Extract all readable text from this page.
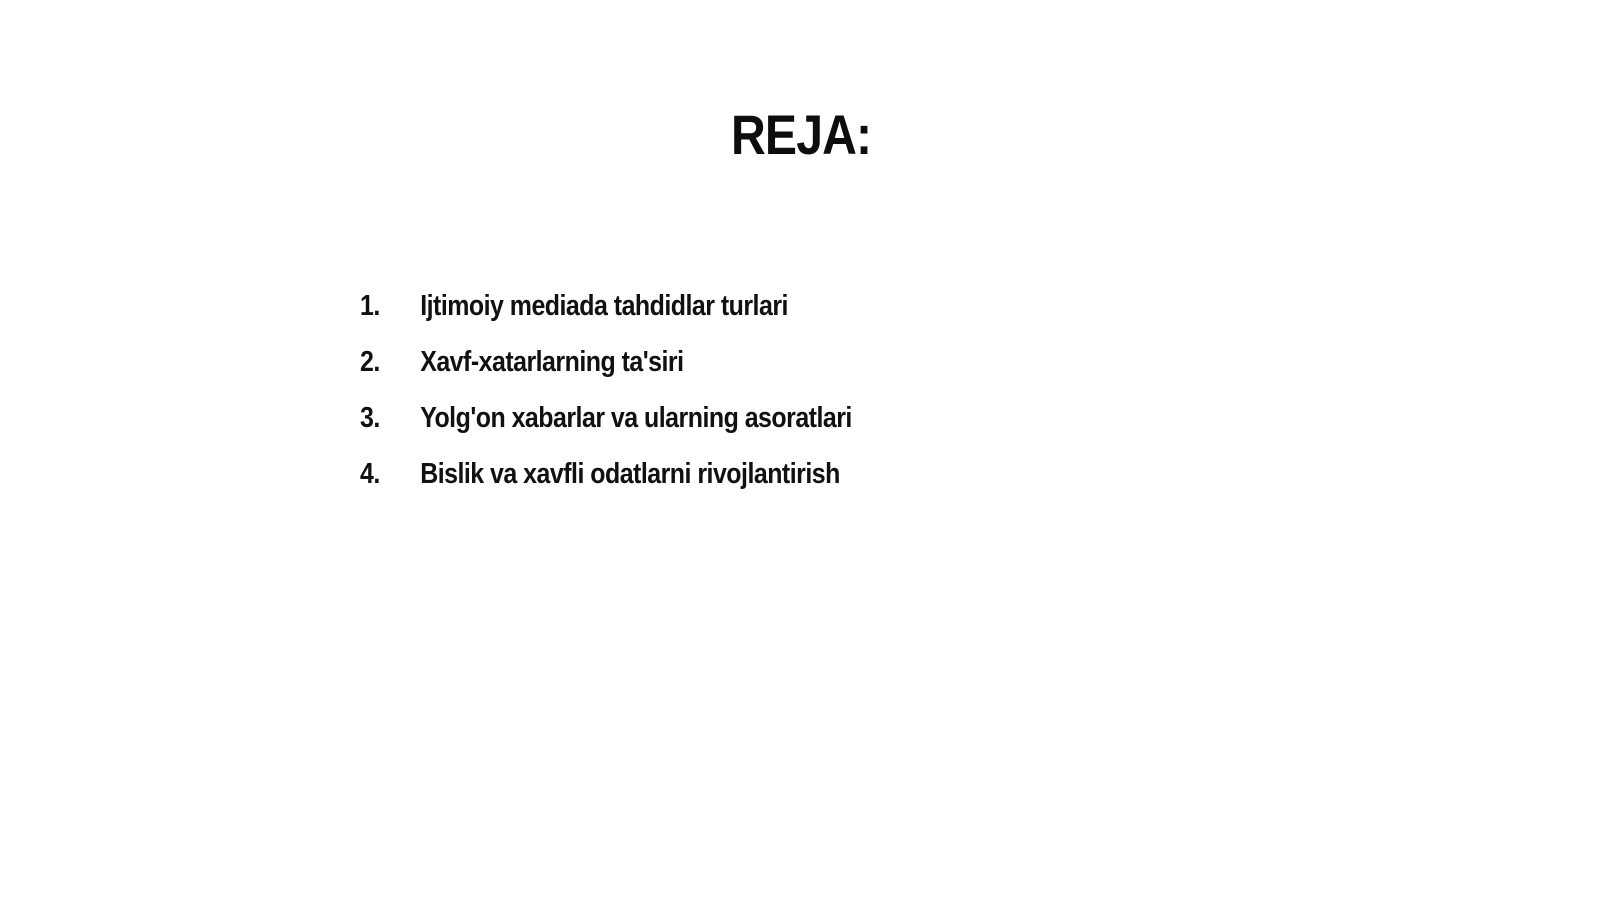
REJA:
1.	Ijtimoiy mediada tahdidlar turlari
2.	Xavf-xatarlarning ta'siri
3.	Yolg'on xabarlar va ularning asoratlari
4.	Bislik va xavfli odatlarni rivojlantirish
